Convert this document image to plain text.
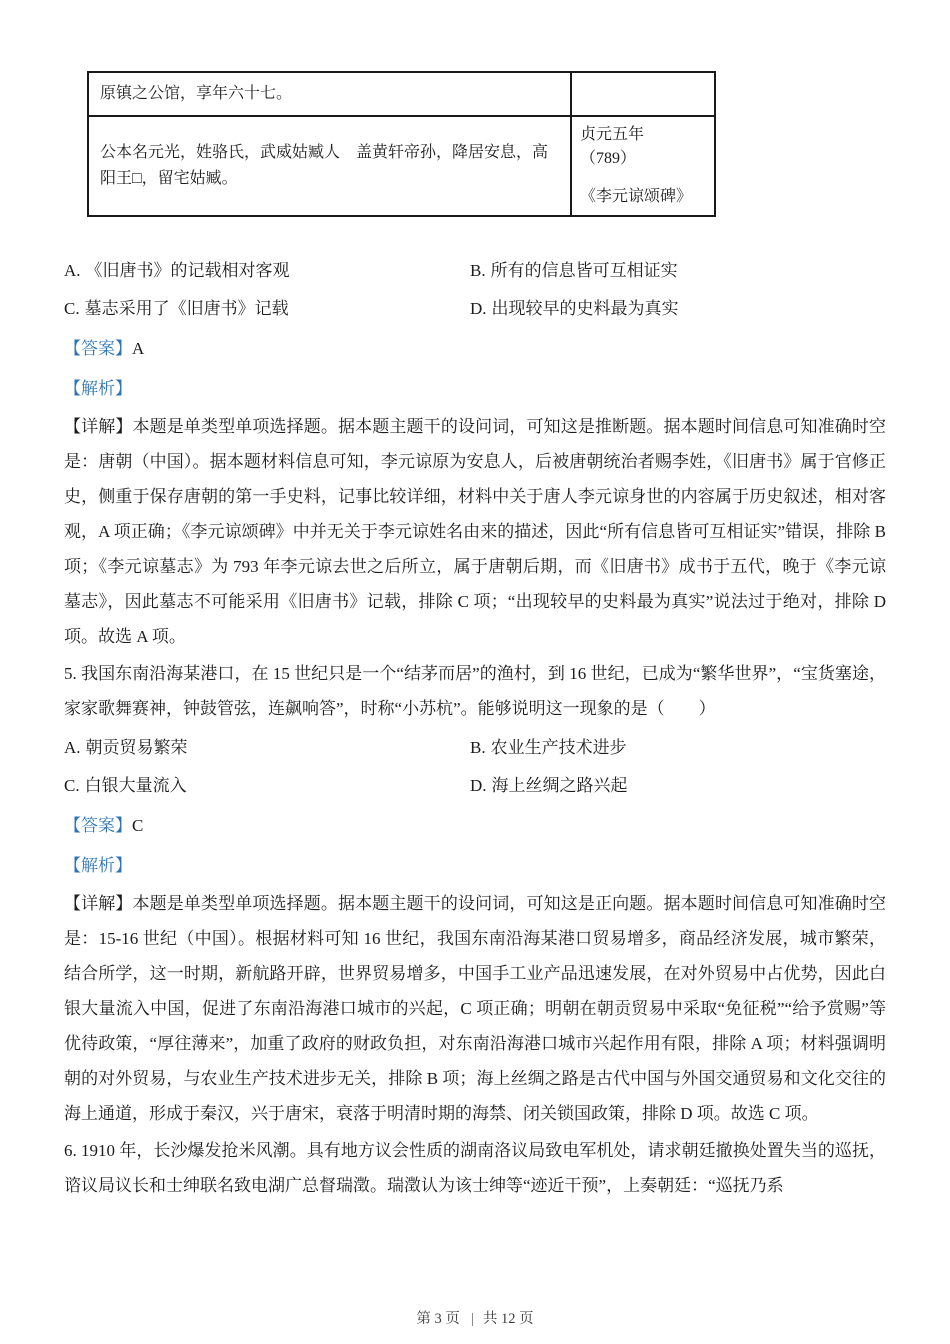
原镇之公馆，享年六十七。	
公本名元光，姓骆氏，武威姑臧人　盖黄轩帝孙，降居安息，高阳王□，留宅姑臧。	贞元五年
（789）
《李元谅颂碑》
A. 《旧唐书》的记载相对客观	B. 所有的信息皆可互相证实
C. 墓志采用了《旧唐书》记载	D. 出现较早的史料最为真实

【答案】A

【解析】

【详解】本题是单类型单项选择题。据本题主题干的设问词，可知这是推断题。据本题时间信息可知准确时空是：唐朝（中国）。据本题材料信息可知，李元谅原为安息人，后被唐朝统治者赐李姓，《旧唐书》属于官修正史，侧重于保存唐朝的第一手史料，记事比较详细，材料中关于唐人李元谅身世的内容属于历史叙述，相对客观，A 项正确；《李元谅颂碑》中并无关于李元谅姓名由来的描述，因此“所有信息皆可互相证实”错误，排除 B 项；《李元谅墓志》为 793 年李元谅去世之后所立，属于唐朝后期，而《旧唐书》成书于五代，晚于《李元谅墓志》，因此墓志不可能采用《旧唐书》记载，排除 C 项；“出现较早的史料最为真实”说法过于绝对，排除 D 项。故选 A 项。

5. 我国东南沿海某港口，在 15 世纪只是一个“结茅而居”的渔村，到 16 世纪，已成为“繁华世界”，“宝货塞途，家家歌舞赛神，钟鼓管弦，连飙响答”，时称“小苏杭”。能够说明这一现象的是（　　）

A. 朝贡贸易繁荣	B. 农业生产技术进步
C. 白银大量流入	D. 海上丝绸之路兴起

【答案】C

【解析】

【详解】本题是单类型单项选择题。据本题主题干的设问词，可知这是正向题。据本题时间信息可知准确时空是：15-16 世纪（中国）。根据材料可知 16 世纪，我国东南沿海某港口贸易增多，商品经济发展，城市繁荣，结合所学，这一时期，新航路开辟，世界贸易增多，中国手工业产品迅速发展，在对外贸易中占优势，因此白银大量流入中国，促进了东南沿海港口城市的兴起，C 项正确；明朝在朝贡贸易中采取“免征税”“给予赏赐”等优待政策，“厚往薄来”，加重了政府的财政负担，对东南沿海港口城市兴起作用有限，排除 A 项；材料强调明朝的对外贸易，与农业生产技术进步无关，排除 B 项；海上丝绸之路是古代中国与外国交通贸易和文化交往的海上通道，形成于秦汉，兴于唐宋，衰落于明清时期的海禁、闭关锁国政策，排除 D 项。故选 C 项。

6. 1910 年，长沙爆发抢米风潮。具有地方议会性质的湖南洛议局致电军机处，请求朝廷撤换处置失当的巡抚，谘议局议长和士绅联名致电湖广总督瑞澂。瑞澂认为该士绅等“迹近干预”，上奏朝廷：“巡抚乃系

第 3 页 | 共 12 页
